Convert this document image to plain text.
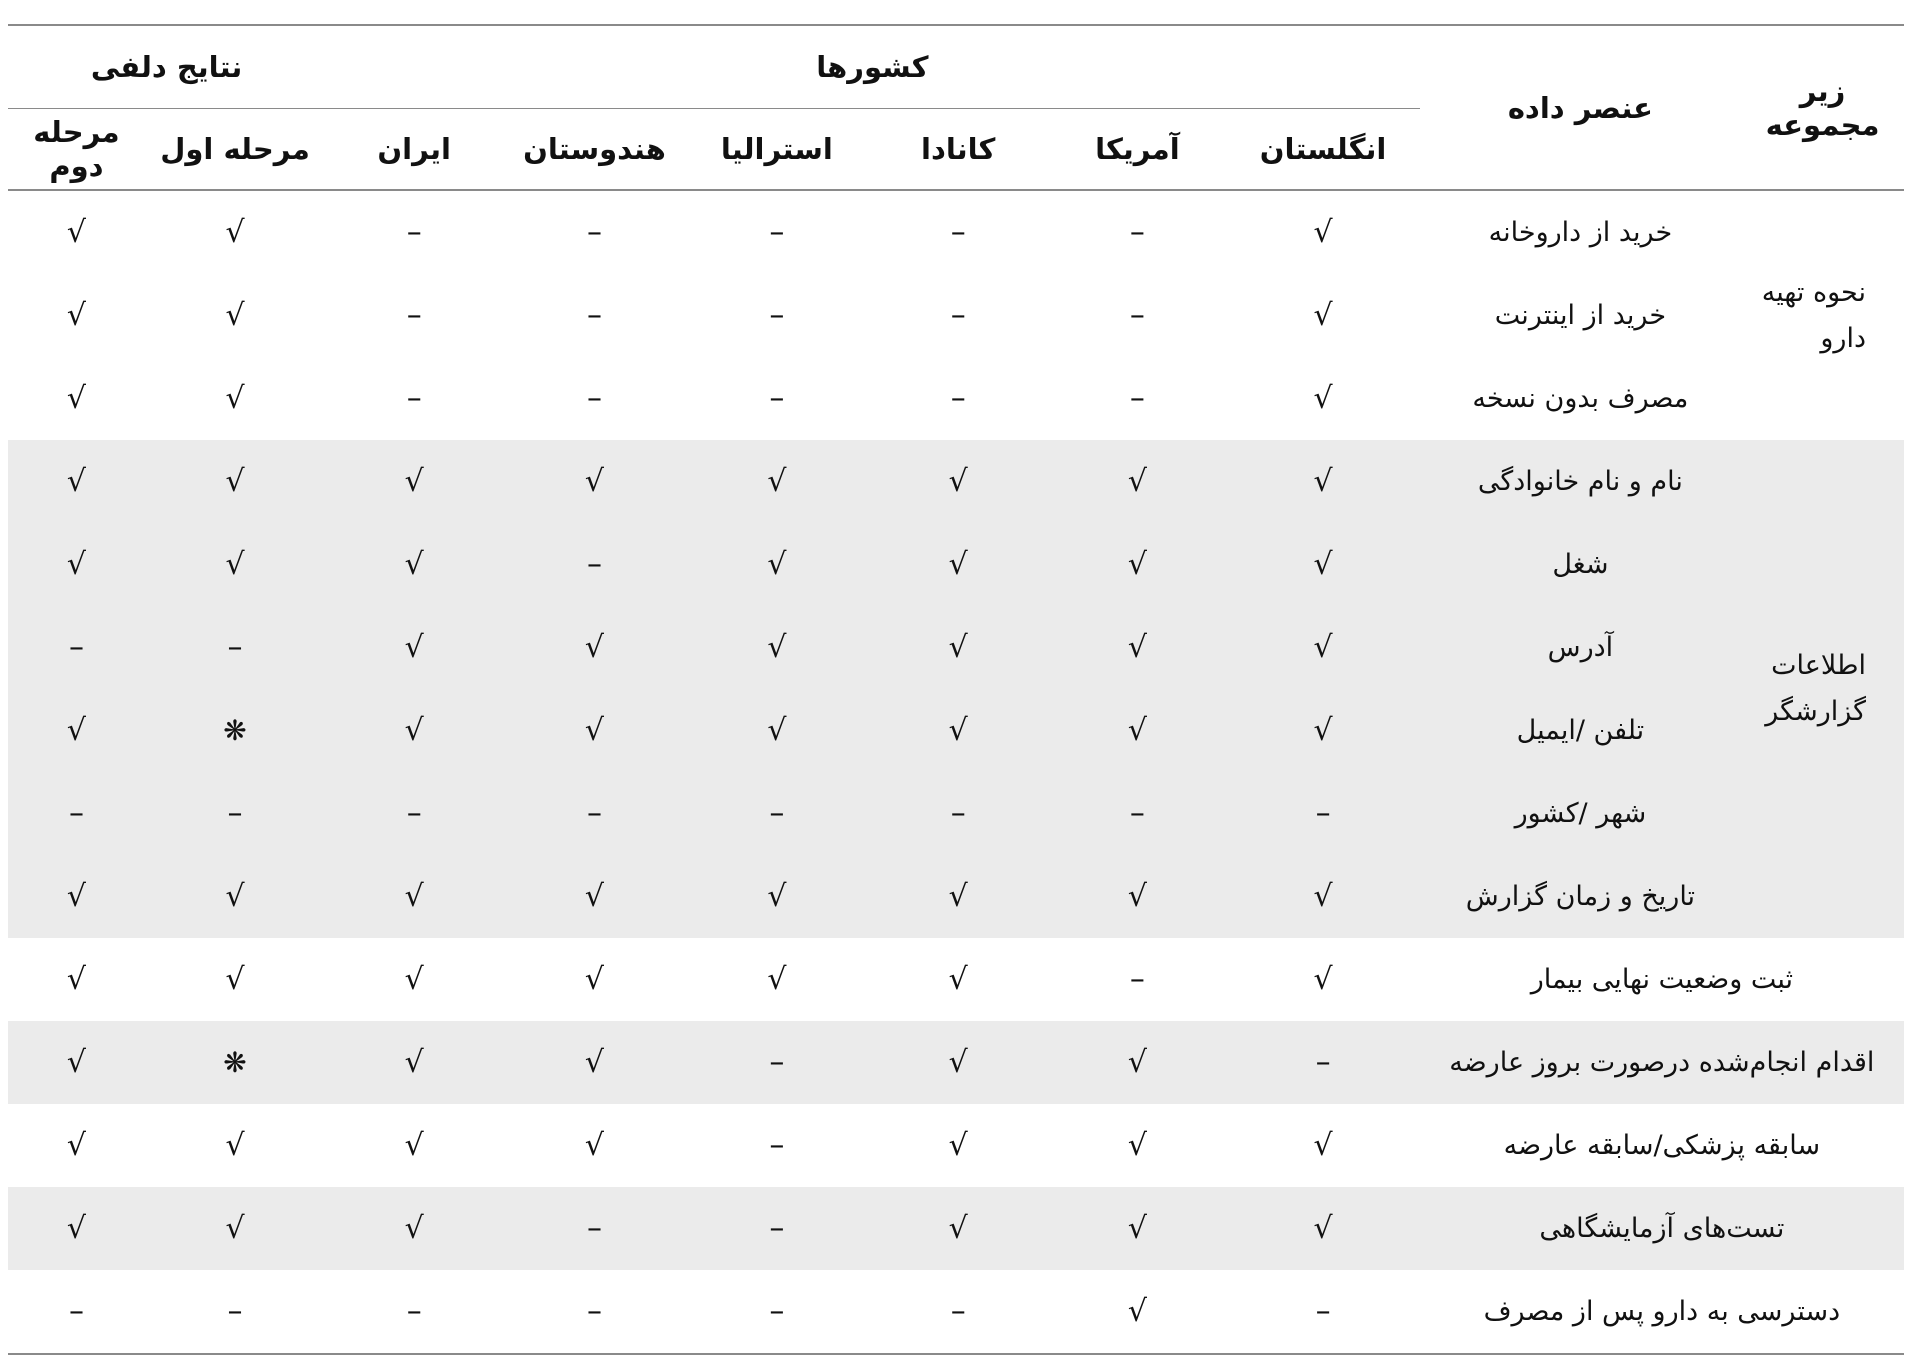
زیر مجموعه	عنصر داده	کشورها						نتایج دلفی	
		انگلستان	آمریکا	کانادا	استرالیا	هندوستان	ایران	مرحله اول	مرحله دوم
نحوه تهیه دارو	خرید از داروخانه	√	–	–	–	–	–	√	√
	خرید از اینترنت	√	–	–	–	–	–	√	√
	مصرف بدون نسخه	√	–	–	–	–	–	√	√
اطلاعات گزارشگر	نام و نام خانوادگی	√	√	√	√	√	√	√	√
	شغل	√	√	√	√	–	√	√	√
	آدرس	√	√	√	√	√	√	–	–
	تلفن /ایمیل	√	√	√	√	√	√	❋	√
	شهر /کشور	–	–	–	–	–	–	–	–
	تاریخ و زمان گزارش	√	√	√	√	√	√	√	√
ثبت وضعیت نهایی بیمار		√	–	√	√	√	√	√	√
اقدام انجام‌شده درصورت بروز عارضه		–	√	√	–	√	√	❋	√
سابقه پزشکی/سابقه عارضه		√	√	√	–	√	√	√	√
تست‌های آزمایشگاهی		√	√	√	–	–	√	√	√
دسترسی به دارو پس از مصرف		–	√	–	–	–	–	–	–
